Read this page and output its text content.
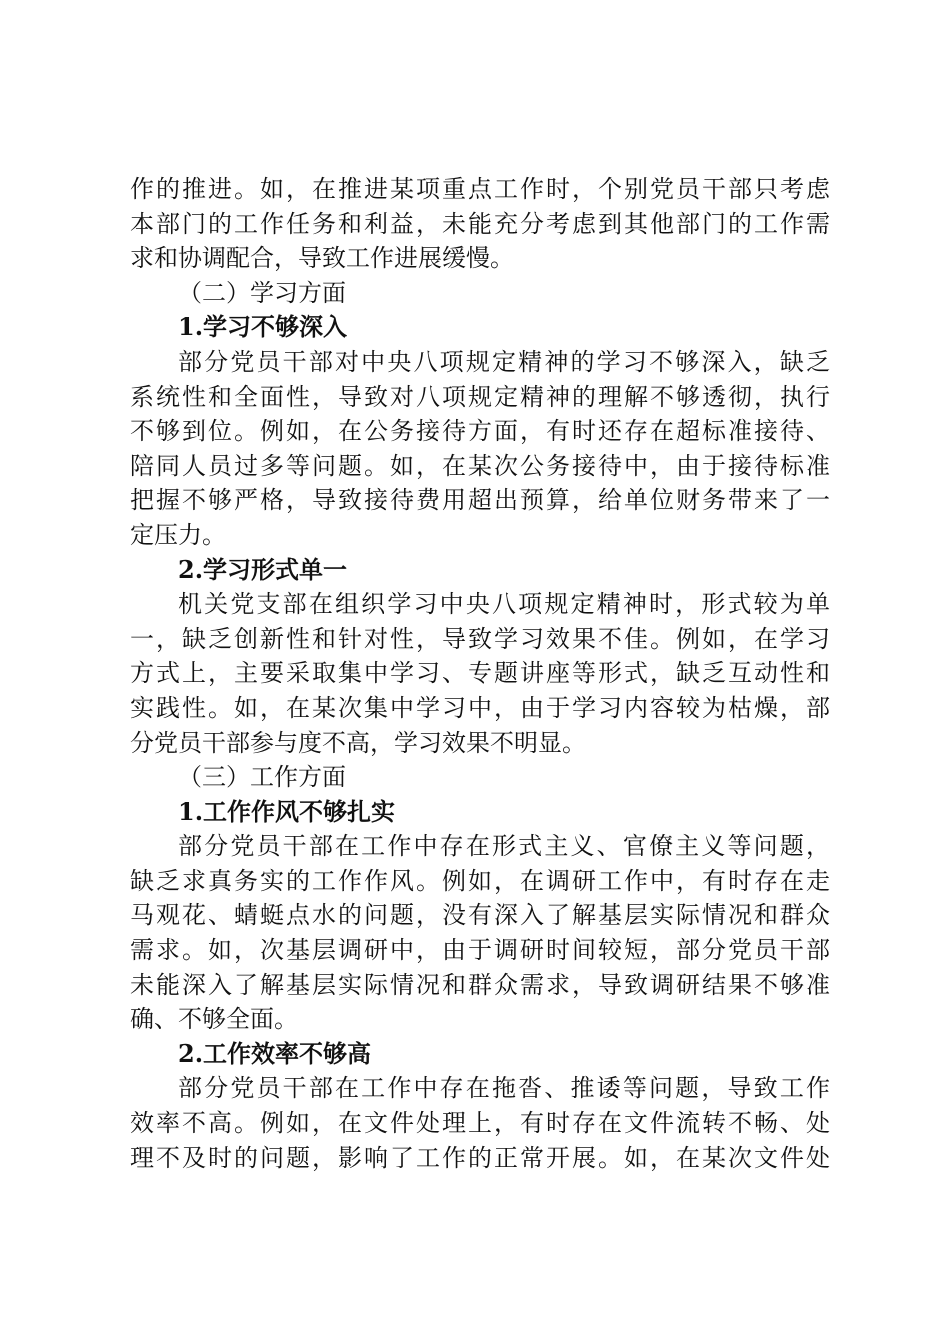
作的推进。如，在推进某项重点工作时，个别党员干部只考虑
本部门的工作任务和利益，未能充分考虑到其他部门的工作需
求和协调配合，导致工作进展缓慢。
（二）学习方面
1.学习不够深入
部分党员干部对中央八项规定精神的学习不够深入，缺乏
系统性和全面性，导致对八项规定精神的理解不够透彻，执行
不够到位。例如，在公务接待方面，有时还存在超标准接待、
陪同人员过多等问题。如，在某次公务接待中，由于接待标准
把握不够严格，导致接待费用超出预算，给单位财务带来了一
定压力。
2.学习形式单一
机关党支部在组织学习中央八项规定精神时，形式较为单
一，缺乏创新性和针对性，导致学习效果不佳。例如，在学习
方式上，主要采取集中学习、专题讲座等形式，缺乏互动性和
实践性。如，在某次集中学习中，由于学习内容较为枯燥，部
分党员干部参与度不高，学习效果不明显。
（三）工作方面
1.工作作风不够扎实
部分党员干部在工作中存在形式主义、官僚主义等问题，
缺乏求真务实的工作作风。例如，在调研工作中，有时存在走
马观花、蜻蜓点水的问题，没有深入了解基层实际情况和群众
需求。如，次基层调研中，由于调研时间较短，部分党员干部
未能深入了解基层实际情况和群众需求，导致调研结果不够准
确、不够全面。
2.工作效率不够高
部分党员干部在工作中存在拖沓、推诿等问题，导致工作
效率不高。例如，在文件处理上，有时存在文件流转不畅、处
理不及时的问题，影响了工作的正常开展。如，在某次文件处
